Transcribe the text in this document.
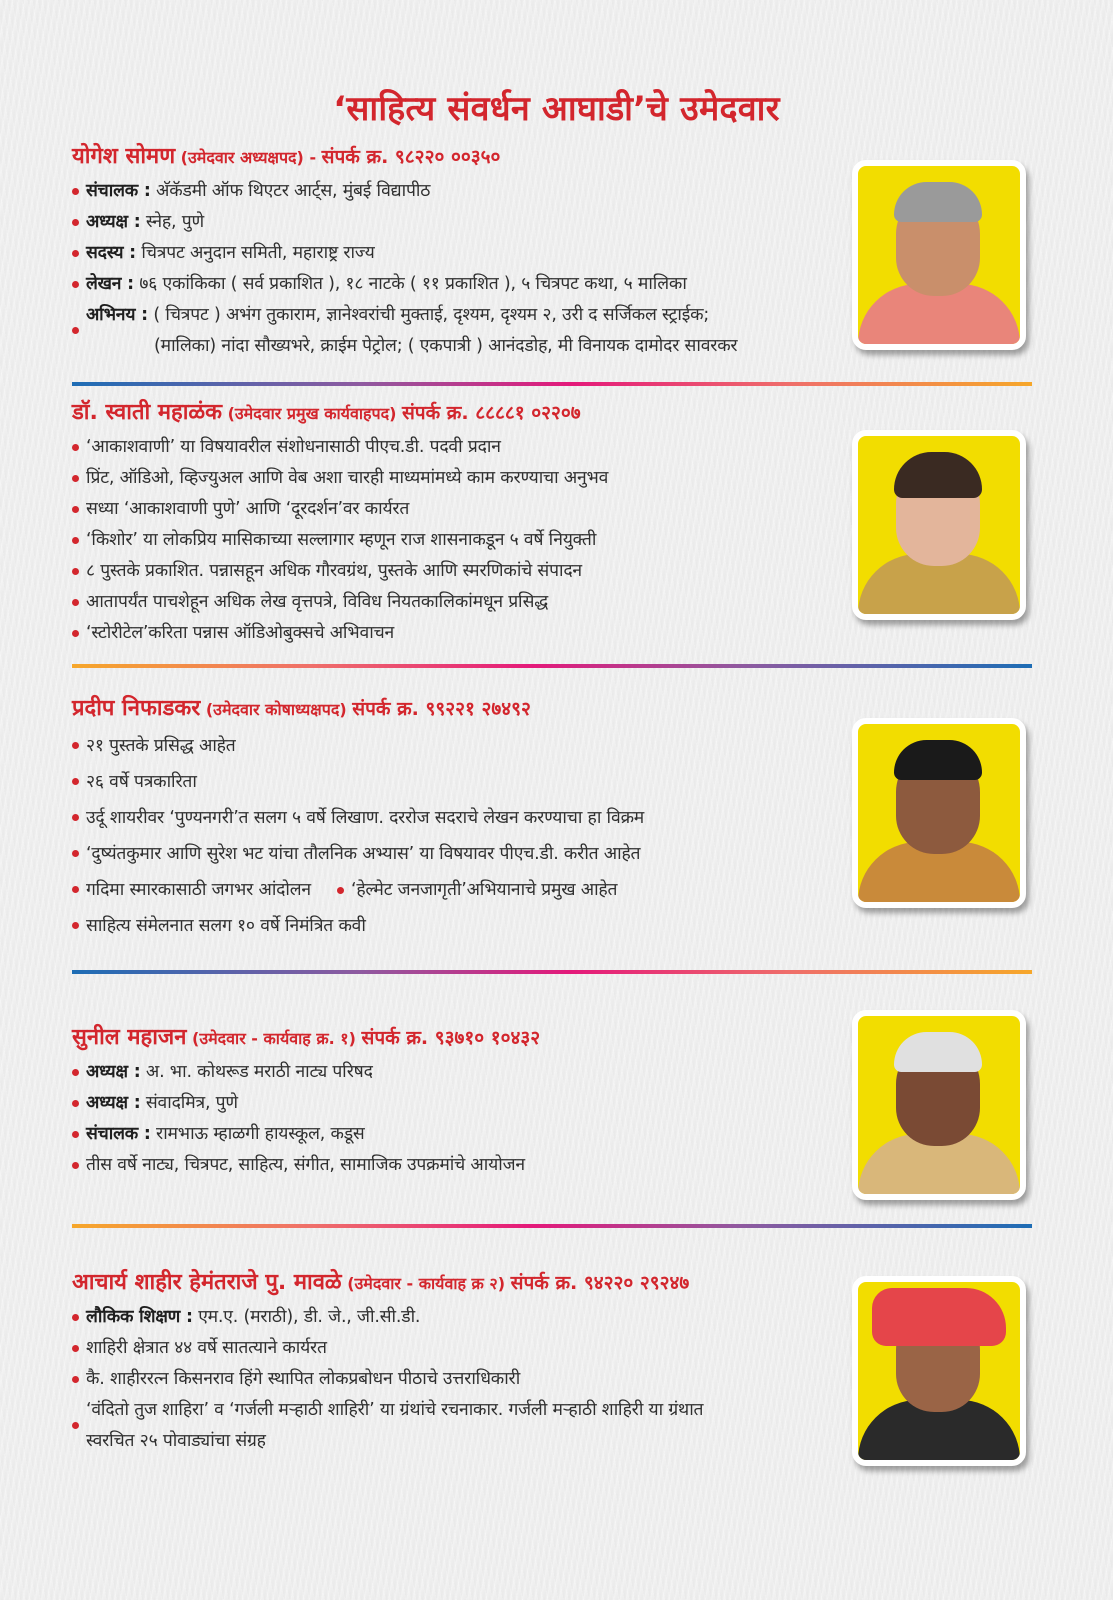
‘साहित्य संवर्धन आघाडी’चे उमेदवार
योगेश सोमण (उमेदवार अध्यक्षपद) - संपर्क क्र. ९८२२० ००३५०
संचालक : अ‍ॅकॅडमी ऑफ थिएटर आर्ट्स, मुंबई विद्यापीठ
अध्यक्ष : स्नेह, पुणे
सदस्य : चित्रपट अनुदान समिती, महाराष्ट्र राज्य
लेखन : ७६ एकांकिका ( सर्व प्रकाशित ), १८ नाटके ( ११ प्रकाशित ), ५ चित्रपट कथा, ५ मालिका
अभिनय : ( चित्रपट ) अभंग तुकाराम, ज्ञानेश्वरांची मुक्ताई, दृश्यम, दृश्यम २, उरी द सर्जिकल स्ट्राईक;
(मालिका) नांदा सौख्यभरे, क्राईम पेट्रोल; ( एकपात्री ) आनंदडोह, मी विनायक दामोदर सावरकर
डॉ. स्वाती महाळंक (उमेदवार प्रमुख कार्यवाहपद) संपर्क क्र. ८८८८१ ०२२०७
‘आकाशवाणी’ या विषयावरील संशोधनासाठी पीएच.डी. पदवी प्रदान
प्रिंट, ऑडिओ, व्हिज्युअल आणि वेब अशा चारही माध्यमांमध्ये काम करण्याचा अनुभव
सध्या ‘आकाशवाणी पुणे’ आणि ‘दूरदर्शन’वर कार्यरत
‘किशोर’ या लोकप्रिय मासिकाच्या सल्लागार म्हणून राज शासनाकडून ५ वर्षे नियुक्ती
८ पुस्तके प्रकाशित. पन्नासहून अधिक गौरवग्रंथ, पुस्तके आणि स्मरणिकांचे संपादन
आतापर्यंत पाचशेहून अधिक लेख वृत्तपत्रे, विविध नियतकालिकांमधून प्रसिद्ध
‘स्टोरीटेल’करिता पन्नास ऑडिओबुक्सचे अभिवाचन
प्रदीप निफाडकर (उमेदवार कोषाध्यक्षपद) संपर्क क्र. ९९२२१ २७४९२
२१ पुस्तके प्रसिद्ध आहेत
२६ वर्षे पत्रकारिता
उर्दू शायरीवर ‘पुण्यनगरी’त सलग ५ वर्षे लिखाण. दररोज सदराचे लेखन करण्याचा हा विक्रम
‘दुष्यंतकुमार आणि सुरेश भट यांचा तौलनिक अभ्यास’ या विषयावर पीएच.डी. करीत आहेत
गदिमा स्मारकासाठी जगभर आंदोलन ‘हेल्मेट जनजागृती’अभियानाचे प्रमुख आहेत
साहित्य संमेलनात सलग १० वर्षे निमंत्रित कवी
सुनील महाजन (उमेदवार - कार्यवाह क्र. १) संपर्क क्र. ९३७१० १०४३२
अध्यक्ष : अ. भा. कोथरूड मराठी नाट्य परिषद
अध्यक्ष : संवादमित्र, पुणे
संचालक : रामभाऊ म्हाळगी हायस्कूल, कडूस
तीस वर्षे नाट्य, चित्रपट, साहित्य, संगीत, सामाजिक उपक्रमांचे आयोजन
आचार्य शाहीर हेमंतराजे पु. मावळे (उमेदवार - कार्यवाह क्र २) संपर्क क्र. ९४२२० २९२४७
लौकिक शिक्षण : एम.ए. (मराठी), डी. जे., जी.सी.डी.
शाहिरी क्षेत्रात ४४ वर्षे सातत्याने कार्यरत
कै. शाहीररत्न किसनराव हिंगे स्थापित लोकप्रबोधन पीठाचे उत्तराधिकारी
‘वंदितो तुज शाहिरा’ व ‘गर्जली मऱ्हाठी शाहिरी’ या ग्रंथांचे रचनाकार. गर्जली मऱ्हाठी शाहिरी या ग्रंथात
स्वरचित २५ पोवाड्यांचा संग्रह
